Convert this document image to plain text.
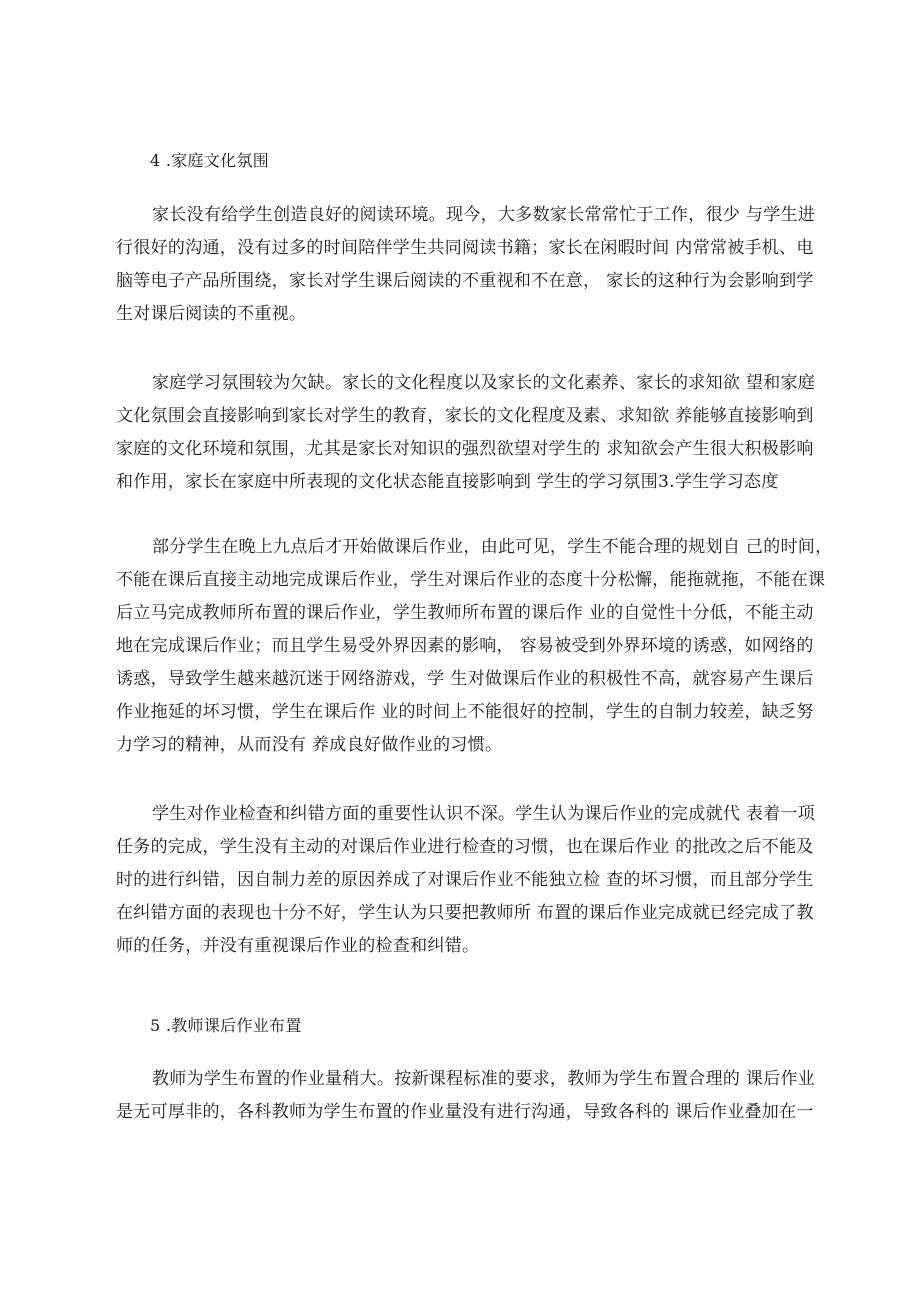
4 .家庭文化氛围
家长没有给学生创造良好的阅读环境。现今，大多数家长常常忙于工作，很少 与学生进
行很好的沟通，没有过多的时间陪伴学生共同阅读书籍；家长在闲暇时间 内常常被手机、电
脑等电子产品所围绕，家长对学生课后阅读的不重视和不在意， 家长的这种行为会影响到学
生对课后阅读的不重视。
家庭学习氛围较为欠缺。家长的文化程度以及家长的文化素养、家长的求知欲 望和家庭
文化氛围会直接影响到家长对学生的教育，家长的文化程度及素、求知欲 养能够直接影响到
家庭的文化环境和氛围，尤其是家长对知识的强烈欲望对学生的 求知欲会产生很大积极影响
和作用，家长在家庭中所表现的文化状态能直接影响到 学生的学习氛围3.学生学习态度
部分学生在晚上九点后才开始做课后作业，由此可见，学生不能合理的规划自 己的时间，
不能在课后直接主动地完成课后作业，学生对课后作业的态度十分松懈，能拖就拖，不能在课
后立马完成教师所布置的课后作业，学生教师所布置的课后作 业的自觉性十分低，不能主动
地在完成课后作业；而且学生易受外界因素的影响， 容易被受到外界环境的诱惑，如网络的
诱惑，导致学生越来越沉迷于网络游戏，学 生对做课后作业的积极性不高，就容易产生课后
作业拖延的坏习惯，学生在课后作 业的时间上不能很好的控制，学生的自制力较差，缺乏努
力学习的精神，从而没有 养成良好做作业的习惯。
学生对作业检查和纠错方面的重要性认识不深。学生认为课后作业的完成就代 表着一项
任务的完成，学生没有主动的对课后作业进行检查的习惯，也在课后作业 的批改之后不能及
时的进行纠错，因自制力差的原因养成了对课后作业不能独立检 查的坏习惯，而且部分学生
在纠错方面的表现也十分不好，学生认为只要把教师所 布置的课后作业完成就已经完成了教
师的任务，并没有重视课后作业的检查和纠错。
5 .教师课后作业布置
教师为学生布置的作业量稍大。按新课程标准的要求，教师为学生布置合理的 课后作业
是无可厚非的，各科教师为学生布置的作业量没有进行沟通，导致各科的 课后作业叠加在一
